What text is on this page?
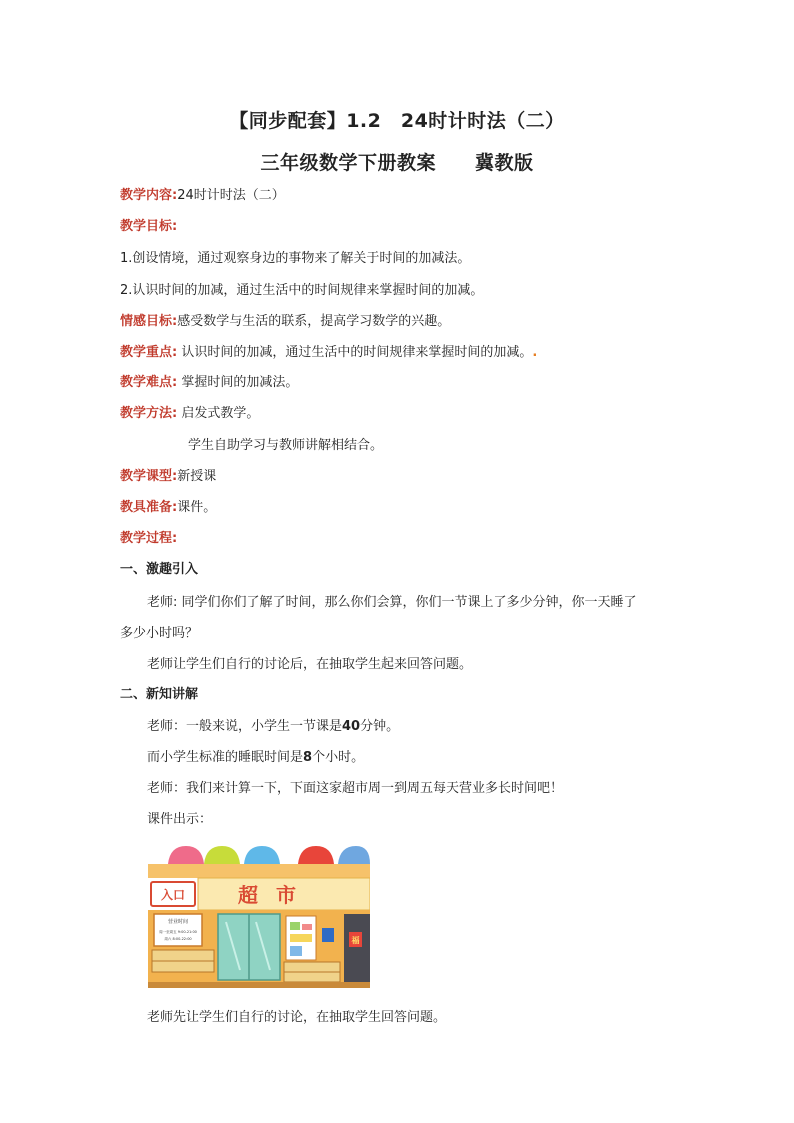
【同步配套】1.2　24时计时法（二）
三年级数学下册教案　　冀教版
教学内容:24时计时法（二）
教学目标:
1.创设情境，通过观察身边的事物来了解关于时间的加减法。
2.认识时间的加减，通过生活中的时间规律来掌握时间的加减。
情感目标:感受数学与生活的联系，提高学习数学的兴趣。
教学重点: 认识时间的加减，通过生活中的时间规律来掌握时间的加减。.
教学难点: 掌握时间的加减法。
教学方法: 启发式教学。
学生自助学习与教师讲解相结合。
教学课型:新授课
教具准备:课件。
教学过程:
一、激趣引入
老师: 同学们你们了解了时间，那么你们会算，你们一节课上了多少分钟，你一天睡了
多少小时吗？
老师让学生们自行的讨论后，在抽取学生起来回答问题。
二、新知讲解
老师：一般来说，小学生一节课是40分钟。
而小学生标准的睡眠时间是8个小时。
老师：我们来计算一下，下面这家超市周一到周五每天营业多长时间吧！
课件出示：
入口	超市
营业时间
周一至周五 9:00-21:00
周六 8:00-22:00	福
老师先让学生们自行的讨论，在抽取学生回答问题。
